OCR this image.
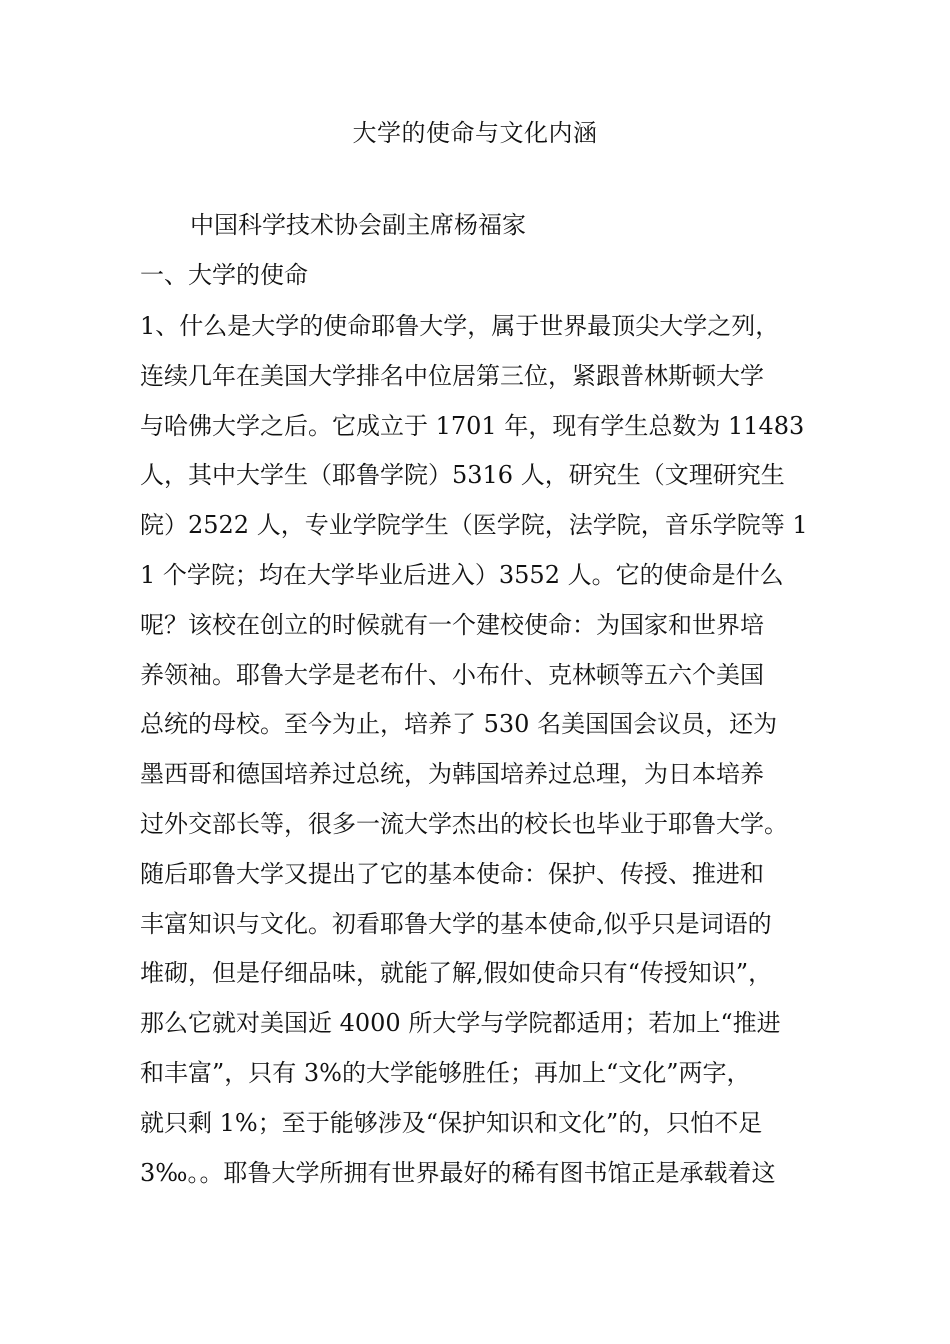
大学的使命与文化内涵
中国科学技术协会副主席杨福家
一、大学的使命
1、什么是大学的使命耶鲁大学，属于世界最顶尖大学之列，
连续几年在美国大学排名中位居第三位，紧跟普林斯顿大学
与哈佛大学之后。它成立于 1701 年，现有学生总数为 11483
人，其中大学生（耶鲁学院）5316 人，研究生（文理研究生
院）2522 人，专业学院学生（医学院，法学院，音乐学院等 1
1 个学院；均在大学毕业后进入）3552 人。它的使命是什么
呢？该校在创立的时候就有一个建校使命：为国家和世界培
养领袖。耶鲁大学是老布什、小布什、克林顿等五六个美国
总统的母校。至今为止，培养了 530 名美国国会议员，还为
墨西哥和德国培养过总统，为韩国培养过总理，为日本培养
过外交部长等，很多一流大学杰出的校长也毕业于耶鲁大学。
随后耶鲁大学又提出了它的基本使命：保护、传授、推进和
丰富知识与文化。初看耶鲁大学的基本使命,似乎只是词语的
堆砌，但是仔细品味，就能了解,假如使命只有“传授知识”，
那么它就对美国近 4000 所大学与学院都适用；若加上“推进
和丰富”，只有 3%的大学能够胜任；再加上“文化”两字，
就只剩 1%；至于能够涉及“保护知识和文化”的，只怕不足
3‰。。耶鲁大学所拥有世界最好的稀有图书馆正是承载着这
